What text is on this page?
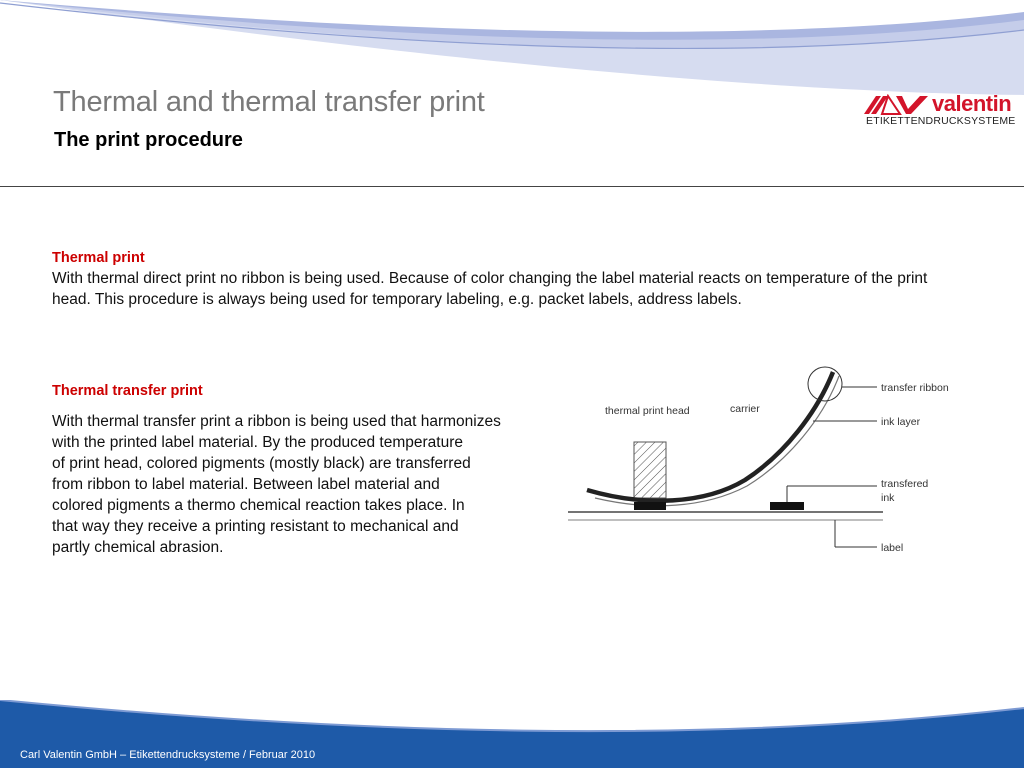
Thermal and thermal transfer print
The print procedure
valentin
ETIKETTENDRUCKSYSTEME
Thermal print

With thermal direct print no ribbon is being used. Because of color changing the label material reacts on temperature of the print head. This procedure is always being used for temporary labeling, e.g. packet labels, address labels.

Thermal transfer print

With thermal transfer print a ribbon is being used that harmonizes

with the printed label material. By the produced temperature

of print head, colored pigments (mostly black) are transferred

from ribbon to label material. Between label material and

colored pigments a thermo chemical reaction takes place. In

that way they receive a printing resistant to mechanical and

partly chemical abrasion.

thermal print head	carrier
transfer ribbon
ink layer
transfered
ink
label

Carl Valentin GmbH – Etikettendrucksysteme / Februar 2010
